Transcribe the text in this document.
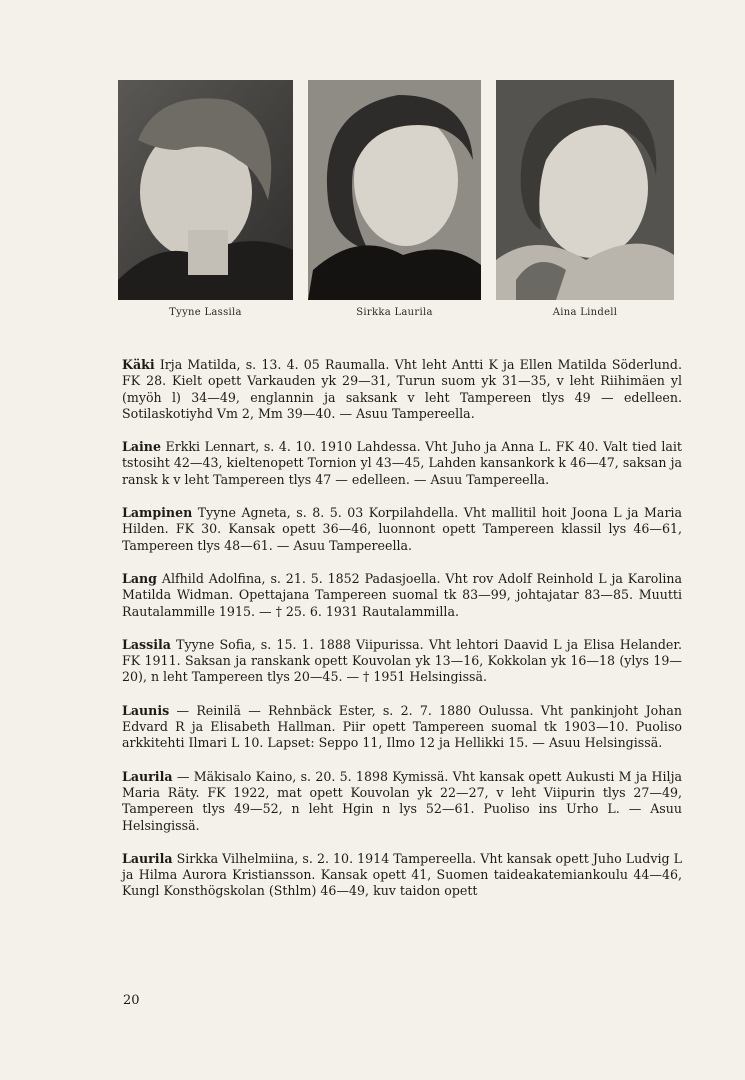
Tyyne Lassila	Sirkka Laurila	Aina Lindell

Käki Irja Matilda, s. 13. 4. 05 Raumalla. Vht leht Antti K ja Ellen Matilda Söderlund. FK 28. Kielt opett Varkauden yk 29—31, Turun suom yk 31—35, v leht Riihimäen yl (myöh l) 34—49, englannin ja saksank v leht Tampereen tlys 49 — edelleen. Sotilaskotiyhd Vm 2, Mm 39—40. — Asuu Tampereella.

Laine Erkki Lennart, s. 4. 10. 1910 Lahdessa. Vht Juho ja Anna L. FK 40. Valt tied lait tstosiht 42—43, kieltenopett Tornion yl 43—45, Lahden kansankork k 46—47, saksan ja ransk k v leht Tampereen tlys 47 — edelleen. — Asuu Tampereella.

Lampinen Tyyne Agneta, s. 8. 5. 03 Korpilahdella. Vht mallitil hoit Joona L ja Maria Hilden. FK 30. Kansak opett 36—46, luonnont opett Tampereen klassil lys 46—61, Tampereen tlys 48—61. — Asuu Tampereella.

Lang Alfhild Adolfina, s. 21. 5. 1852 Padasjoella. Vht rov Adolf Reinhold L ja Karolina Matilda Widman. Opettajana Tampereen suomal tk 83—99, johtajatar 83—85. Muutti Rautalammille 1915. — † 25. 6. 1931 Rautalammilla.

Lassila Tyyne Sofia, s. 15. 1. 1888 Viipurissa. Vht lehtori Daavid L ja Elisa Helander. FK 1911. Saksan ja ranskank opett Kouvolan yk 13—16, Kokkolan yk 16—18 (ylys 19—20), n leht Tampereen tlys 20—45. — † 1951 Helsingissä.

Launis — Reinilä — Rehnbäck Ester, s. 2. 7. 1880 Oulussa. Vht pankinjoht Johan Edvard R ja Elisabeth Hallman. Piir opett Tampereen suomal tk 1903—10. Puoliso arkkitehti Ilmari L 10. Lapset: Seppo 11, Ilmo 12 ja Hellikki 15. — Asuu Helsingissä.

Laurila — Mäkisalo Kaino, s. 20. 5. 1898 Kymissä. Vht kansak opett Aukusti M ja Hilja Maria Räty. FK 1922, mat opett Kouvolan yk 22—27, v leht Viipurin tlys 27—49, Tampereen tlys 49—52, n leht Hgin n lys 52—61. Puoliso ins Urho L. — Asuu Helsingissä.

Laurila Sirkka Vilhelmiina, s. 2. 10. 1914 Tampereella. Vht kansak opett Juho Ludvig L ja Hilma Aurora Kristiansson. Kansak opett 41, Suomen taideakatemiankoulu 44—46, Kungl Konsthögskolan (Sthlm) 46—49, kuv taidon opett

20
